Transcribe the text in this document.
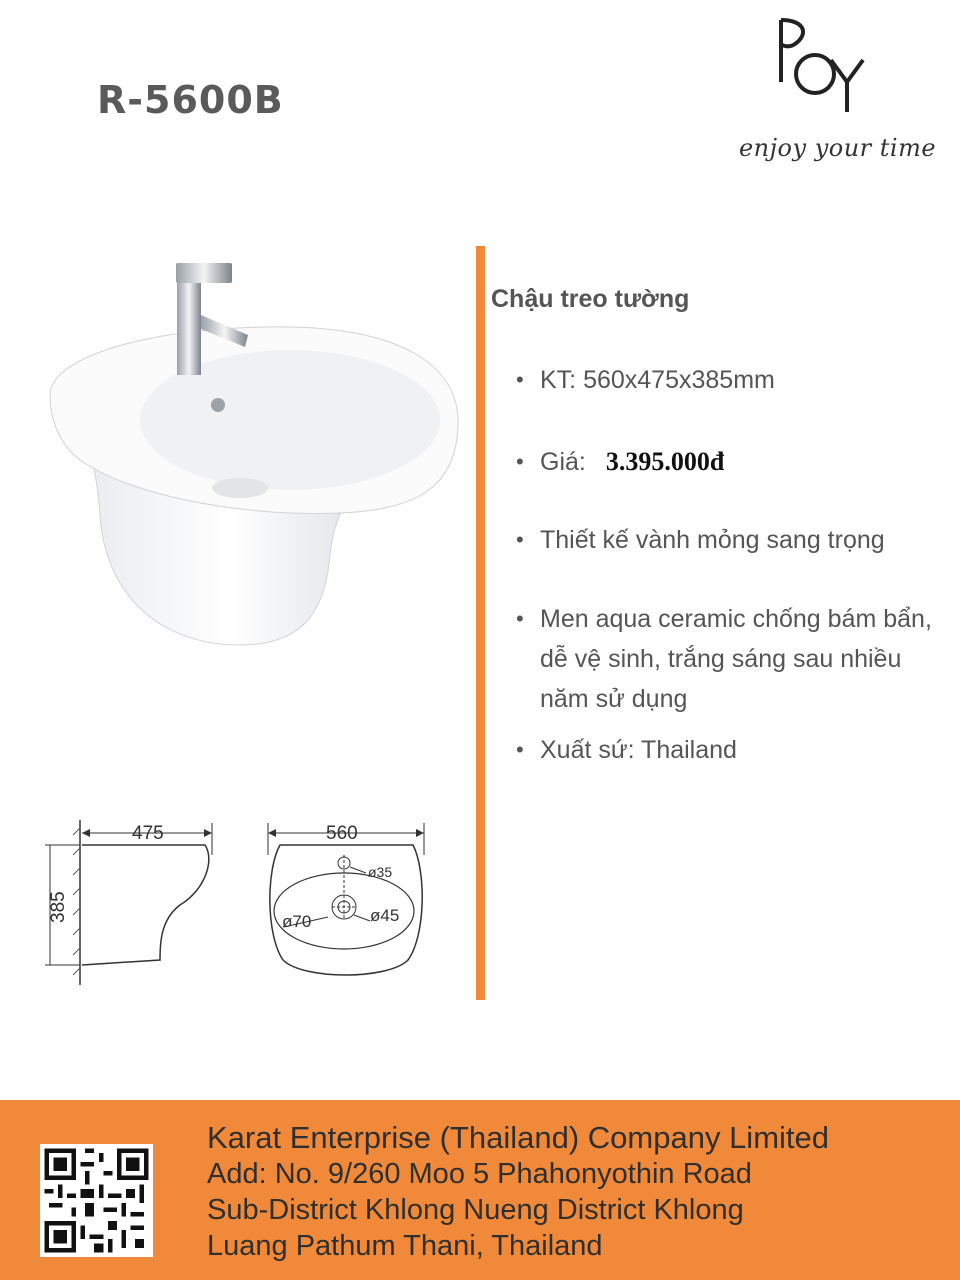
R-5600B
enjoy your time
Chậu treo tường
• KT: 560x475x385mm
• Giá: 3.395.000đ
• Thiết kế vành mỏng sang trọng
• Men aqua ceramic chống bám bẩn, dễ vệ sinh, trắng sáng sau nhiều năm sử dụng
• Xuất sứ: Thailand
475
385
560
ø35
ø45
ø70
Karat Enterprise (Thailand) Company Limited
Add: No. 9/260 Moo 5 Phahonyothin Road
Sub-District Khlong Nueng District Khlong
Luang Pathum Thani, Thailand
